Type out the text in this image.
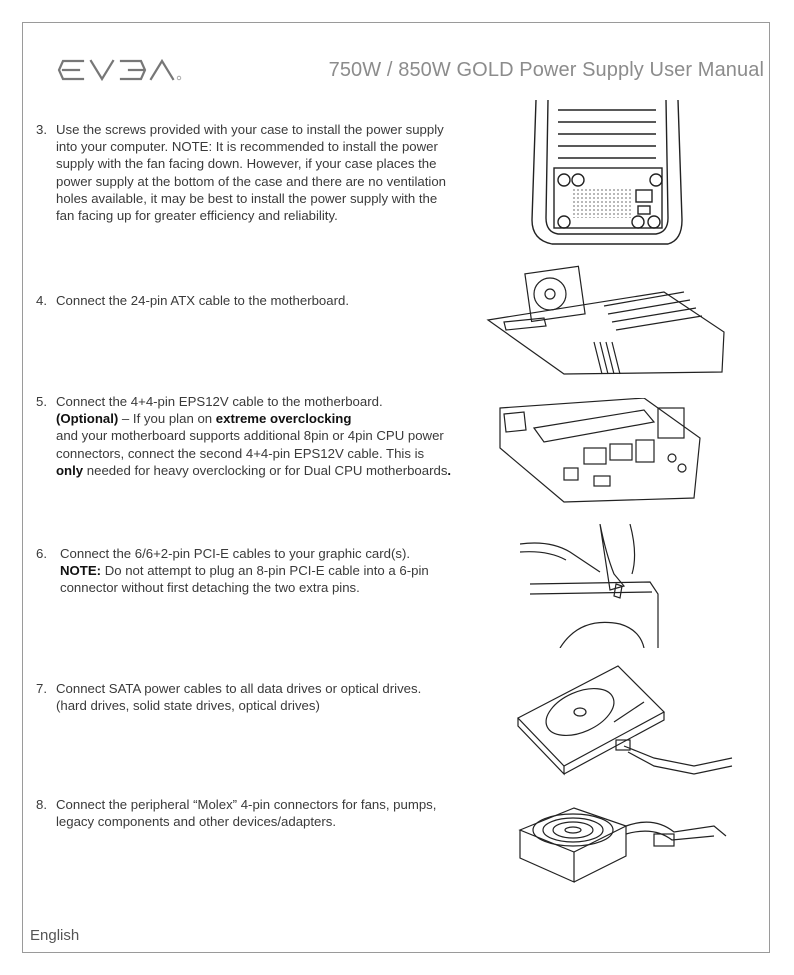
750W / 850W GOLD Power Supply User Manual
3. Use the screws provided with your case to install the power supply
into your computer. NOTE: It is recommended to install the power
supply with the fan facing down. However, if your case places the
power supply at the bottom of the case and there are no ventilation
holes available, it may be best to install the power supply with the
fan facing up for greater efficiency and reliability.
4. Connect the 24-pin ATX cable to the motherboard.
5. Connect the 4+4-pin EPS12V cable to the motherboard.
(Optional) – If you plan on extreme overclocking
and your motherboard supports additional 8pin or 4pin CPU power
connectors, connect the second 4+4-pin EPS12V cable. This is
only needed for heavy overclocking or for Dual CPU motherboards.
6. Connect the 6/6+2-pin PCI-E cables to your graphic card(s).
NOTE: Do not attempt to plug an 8-pin PCI-E cable into a 6-pin
connector without first detaching the two extra pins.
7. Connect SATA power cables to all data drives or optical drives.
(hard drives, solid state drives, optical drives)
8. Connect the peripheral “Molex” 4-pin connectors for fans, pumps,
legacy components and other devices/adapters.
English
